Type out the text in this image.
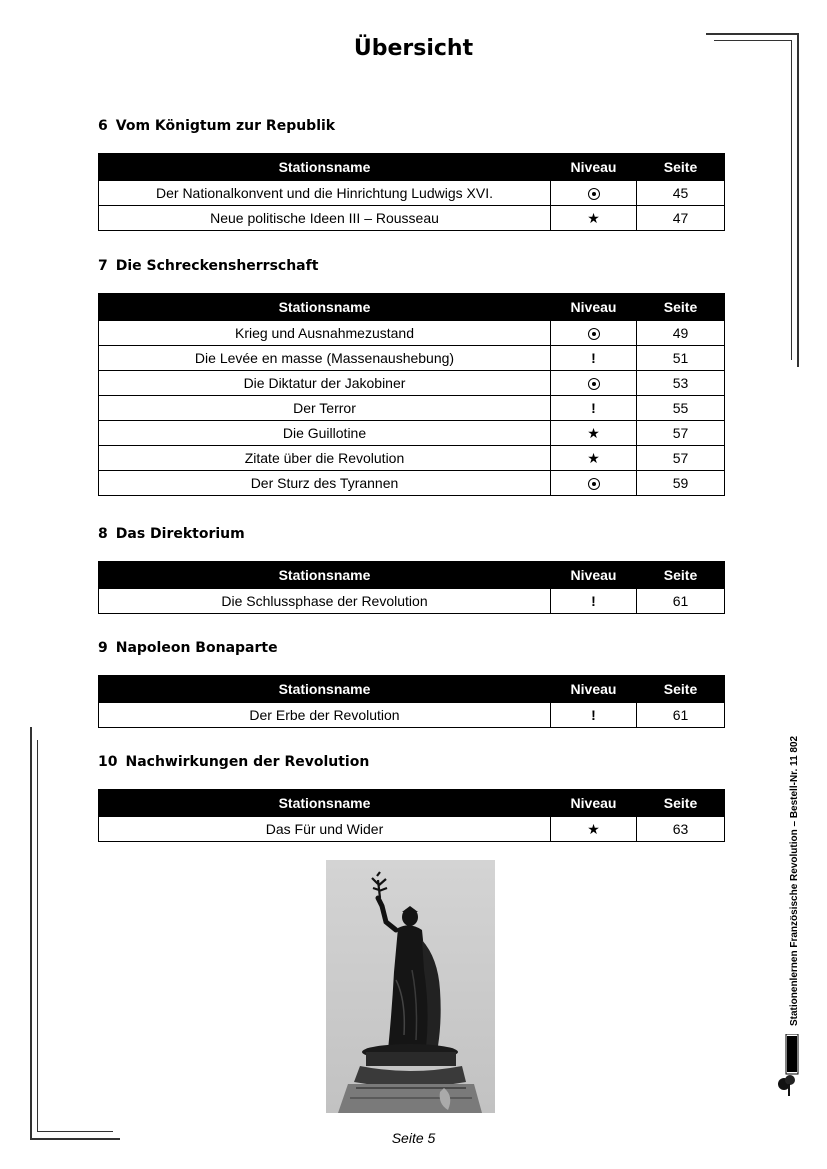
Übersicht
6 Vom Königtum zur Republik
Stationsname	Niveau	Seite
Der Nationalkonvent und die Hinrichtung Ludwigs XVI.		45
Neue politische Ideen III – Rousseau	★	47
7 Die Schreckensherrschaft
Stationsname	Niveau	Seite
Krieg und Ausnahmezustand		49
Die Levée en masse (Massenaushebung)	!	51
Die Diktatur der Jakobiner		53
Der Terror	!	55
Die Guillotine	★	57
Zitate über die Revolution	★	57
Der Sturz des Tyrannen		59
8 Das Direktorium
Stationsname	Niveau	Seite
Die Schlussphase der Revolution	!	61
9 Napoleon Bonaparte
Stationsname	Niveau	Seite
Der Erbe der Revolution	!	61
10 Nachwirkungen der Revolution
Stationsname	Niveau	Seite
Das Für und Wider	★	63	Stationenlernen Französische Revolution – Bestell-Nr. 11 802
Seite 5
